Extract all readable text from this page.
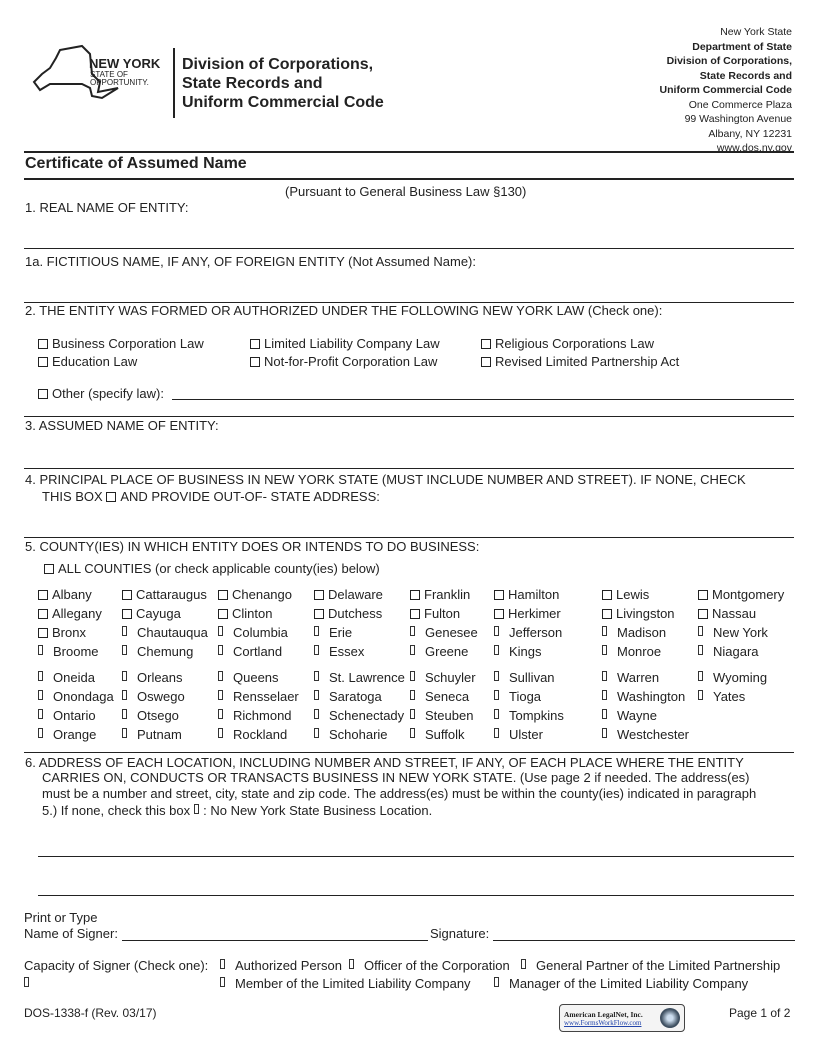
NEW YORK
STATE OF
OPPORTUNITY.
Division of Corporations,
State Records and
Uniform Commercial Code
New York State
Department of State
Division of Corporations,
State Records and
Uniform Commercial Code
One Commerce Plaza
99 Washington Avenue
Albany, NY 12231
www.dos.ny.gov
Certificate of Assumed Name
(Pursuant to General Business Law §130)
1. REAL NAME OF ENTITY:
1a. FICTITIOUS NAME, IF ANY, OF FOREIGN ENTITY (Not Assumed Name):
2. THE ENTITY WAS FORMED OR AUTHORIZED UNDER THE FOLLOWING NEW YORK LAW (Check one):
Business Corporation Law	Limited Liability Company Law	Religious Corporations Law
Education Law	Not-for-Profit Corporation Law	Revised Limited Partnership Act
Other (specify law):
3. ASSUMED NAME OF ENTITY:
4. PRINCIPAL PLACE OF BUSINESS IN NEW YORK STATE (MUST INCLUDE NUMBER AND STREET). IF NONE, CHECK
THIS BOX AND PROVIDE OUT-OF- STATE ADDRESS:
5. COUNTY(IES) IN WHICH ENTITY DOES OR INTENDS TO DO BUSINESS:
ALL COUNTIES (or check applicable county(ies) below)
Albany	Cattaraugus	Chenango	Delaware	Franklin	Hamilton	Lewis	Montgomery
Allegany	Cayuga	Clinton	Dutchess	Fulton	Herkimer	Livingston	Nassau
Bronx	Chautauqua	Columbia	Erie	Genesee	Jefferson	Madison	New York
Broome	Chemung	Cortland	Essex	Greene	Kings	Monroe	Niagara
Oneida	Orleans	Queens	St. Lawrence	Schuyler	Sullivan	Warren	Wyoming
Onondaga	Oswego	Rensselaer	Saratoga	Seneca	Tioga	Washington	Yates
Ontario	Otsego	Richmond	Schenectady	Steuben	Tompkins	Wayne
Orange	Putnam	Rockland	Schoharie	Suffolk	Ulster	Westchester
6. ADDRESS OF EACH LOCATION, INCLUDING NUMBER AND STREET, IF ANY, OF EACH PLACE WHERE THE ENTITY
CARRIES ON, CONDUCTS OR TRANSACTS BUSINESS IN NEW YORK STATE. (Use page 2 if needed. The address(es)
must be a number and street, city, state and zip code. The address(es) must be within the county(ies) indicated in paragraph
5.) If none, check this box : No New York State Business Location.
Print or Type
Name of Signer:	Signature:
Capacity of Signer (Check one):	Authorized Person	Officer of the Corporation	General Partner of the Limited Partnership
Member of the Limited Liability Company	Manager of the Limited Liability Company
DOS-1338-f (Rev. 03/17)	American LegalNet, Inc.
www.FormsWorkFlow.com
Page 1 of 2
